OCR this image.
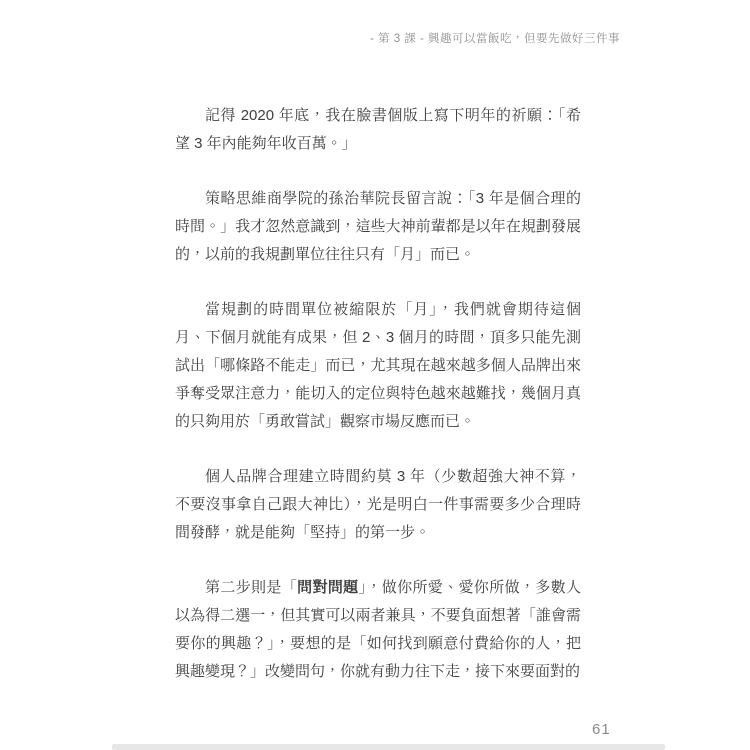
- 第 3 課 - 興趣可以當飯吃，但要先做好三件事

記得 2020 年底，我在臉書個版上寫下明年的祈願：「希望 3 年內能夠年收百萬。」

策略思維商學院的孫治華院長留言說：「3 年是個合理的時間。」我才忽然意識到，這些大神前輩都是以年在規劃發展的，以前的我規劃單位往往只有「月」而已。

當規劃的時間單位被縮限於「月」，我們就會期待這個月、下個月就能有成果，但 2、3 個月的時間，頂多只能先測試出「哪條路不能走」而已，尤其現在越來越多個人品牌出來爭奪受眾注意力，能切入的定位與特色越來越難找，幾個月真的只夠用於「勇敢嘗試」觀察市場反應而已。

個人品牌合理建立時間約莫 3 年（少數超強大神不算，不要沒事拿自己跟大神比），光是明白一件事需要多少合理時間發酵，就是能夠「堅持」的第一步。

第二步則是「問對問題」，做你所愛、愛你所做，多數人以為得二選一，但其實可以兩者兼具，不要負面想著「誰會需要你的興趣？」，要想的是「如何找到願意付費給你的人，把興趣變現？」改變問句，你就有動力往下走，接下來要面對的

61
